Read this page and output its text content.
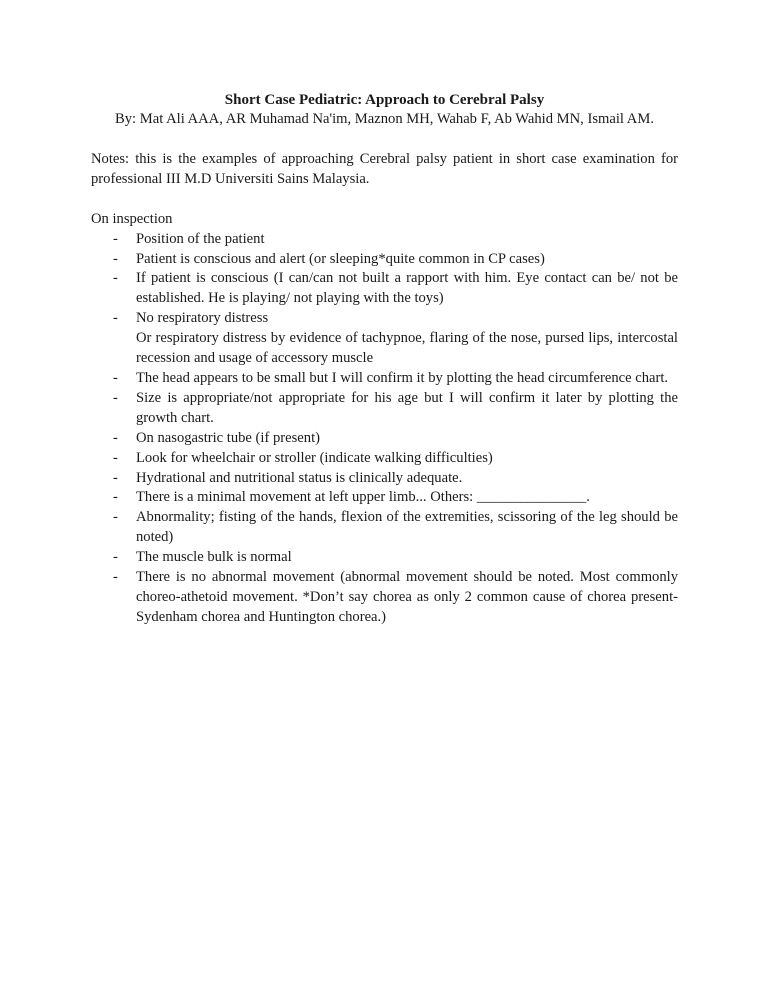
Short Case Pediatric: Approach to Cerebral Palsy

By: Mat Ali AAA, AR Muhamad Na'im, Maznon MH, Wahab F, Ab Wahid MN, Ismail AM.

Notes: this is the examples of approaching Cerebral palsy patient in short case examination for professional III M.D Universiti Sains Malaysia.

On inspection

- Position of the patient
- Patient is conscious and alert (or sleeping*quite common in CP cases)
- If patient is conscious (I can/can not built a rapport with him. Eye contact can be/ not be established. He is playing/ not playing with the toys)
- No respiratory distress
Or respiratory distress by evidence of tachypnoe, flaring of the nose, pursed lips, intercostal recession and usage of accessory muscle
- The head appears to be small but I will confirm it by plotting the head circumference chart.
- Size is appropriate/not appropriate for his age but I will confirm it later by plotting the growth chart.
- On nasogastric tube (if present)
- Look for wheelchair or stroller (indicate walking difficulties)
- Hydrational and nutritional status is clinically adequate.
- There is a minimal movement at left upper limb... Others: _______________.
- Abnormality; fisting of the hands, flexion of the extremities, scissoring of the leg should be noted)
- The muscle bulk is normal
- There is no abnormal movement (abnormal movement should be noted. Most commonly choreo-athetoid movement. *Don’t say chorea as only 2 common cause of chorea present- Sydenham chorea and Huntington chorea.)
